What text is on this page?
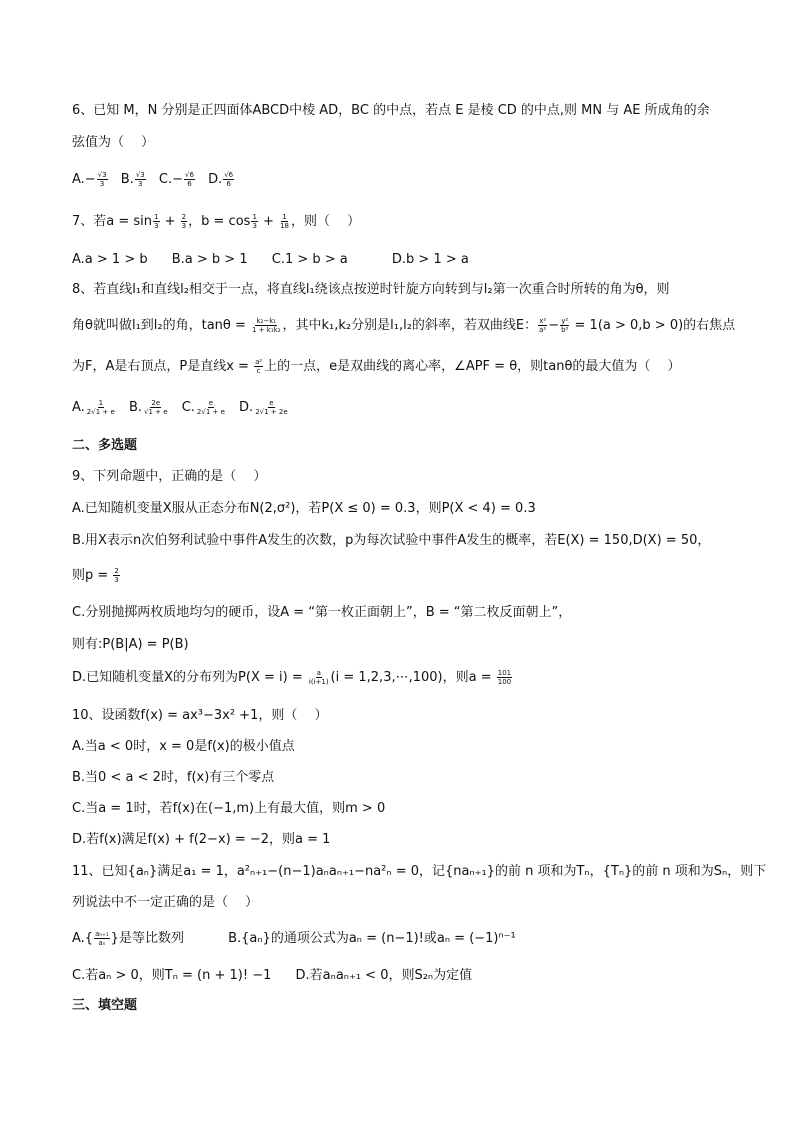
6、已知 M，N 分别是正四面体ABCD中棱 AD，BC 的中点，若点 E 是棱 CD 的中点,则 MN 与 AE 所成角的余
弦值为（　 ）
$A.- \frac{√3}{3} B$. $\frac{√3}{3} C.- \frac{√6}{6} D$. $\frac{√6}{6}$
7、若$a = \sin \frac{1}{3} + \frac{2}{3}$ ，$b = \cos \frac{1}{3} + \frac{1}{18}$ ，则（　 ）
A.a > 1 > b B.a > b > 1 C.1 > b > a	D.b > 1 > a
8、若直线l₁和直线l₂相交于一点，将直线l₁绕该点按逆时针旋方向转到与l₂第一次重合时所转的角为θ，则
角θ就叫做l₁到l₂的角，$\tan\theta = \frac{\text{k₂−k₁}}{\text{1 + k₁k₂}}$ ，其中k₁,k₂分别是l₁,l₂的斜率，若双曲线E： $\frac{\text{x²}}{\text{a²}} - \frac{\text{y²}}{\text{b²}} = 1(a > 0,b > 0)$的右焦点
为F，A是右顶点，P是直线$x = \frac{\text{a²}}{c}$ 上的一点，e是双曲线的离心率，∠APF = θ，则tanθ的最大值为（　 ）
A. $\frac{1}{2√1 + e} B$. $\frac{2e}{√1 + e} C$. $\frac{e}{2√1 + e} D$. $\frac{e}{2√1 + 2e}$
二、多选题
9、下列命题中，正确的是（　 ）
A.已知随机变量X服从正态分布N(2,σ²)，若P(X ≤ 0) = 0.3，则P(X < 4) = 0.3
B.用X表示n次伯努利试验中事件A发生的次数，p为每次试验中事件A发生的概率，若E(X) = 150,D(X) = 50，
则$p = \frac{2}{3}$
C.分别抛掷两枚质地均匀的硬币，设A = “第一枚正面朝上”，B = “第二枚反面朝上”，
则有:P(B|A) = P(B)
D.已知随机变量X的分布列为$P(X = i) = \frac{a}{i(i+1)} (i$ = 1,2,3,⋯,100)，则$a = \frac{101}{100}$
10、设函数f(x) = ax³−3x² +1，则（　 ）
A.当a < 0时，x = 0是f(x)的极小值点
B.当0 < a < 2时，f(x)有三个零点
C.当a = 1时，若f(x)在(−1,m)上有最大值，则m > 0
D.若f(x)满足f(x) + f(2−x) = −2，则a = 1
11、已知{aₙ}满足a₁ = 1，a²ₙ₊₁−(n−1)aₙaₙ₊₁−na²ₙ = 0，记{naₙ₊₁}的前 n 项和为Tₙ，{Tₙ}的前 n 项和为Sₙ，则下
列说法中不一定正确的是（　 ）
$A.\{ \frac{\text{aₙ₊₁}}{\text{aₙ}}$ }是等比数列	B.{aₙ}的通项公式为aₙ = (n−1)!或aₙ = (−1)ⁿ⁻¹
C.若aₙ > 0，则Tₙ = (n + 1)! −1 D.若aₙaₙ₊₁ < 0，则S₂ₙ为定值
三、填空题
